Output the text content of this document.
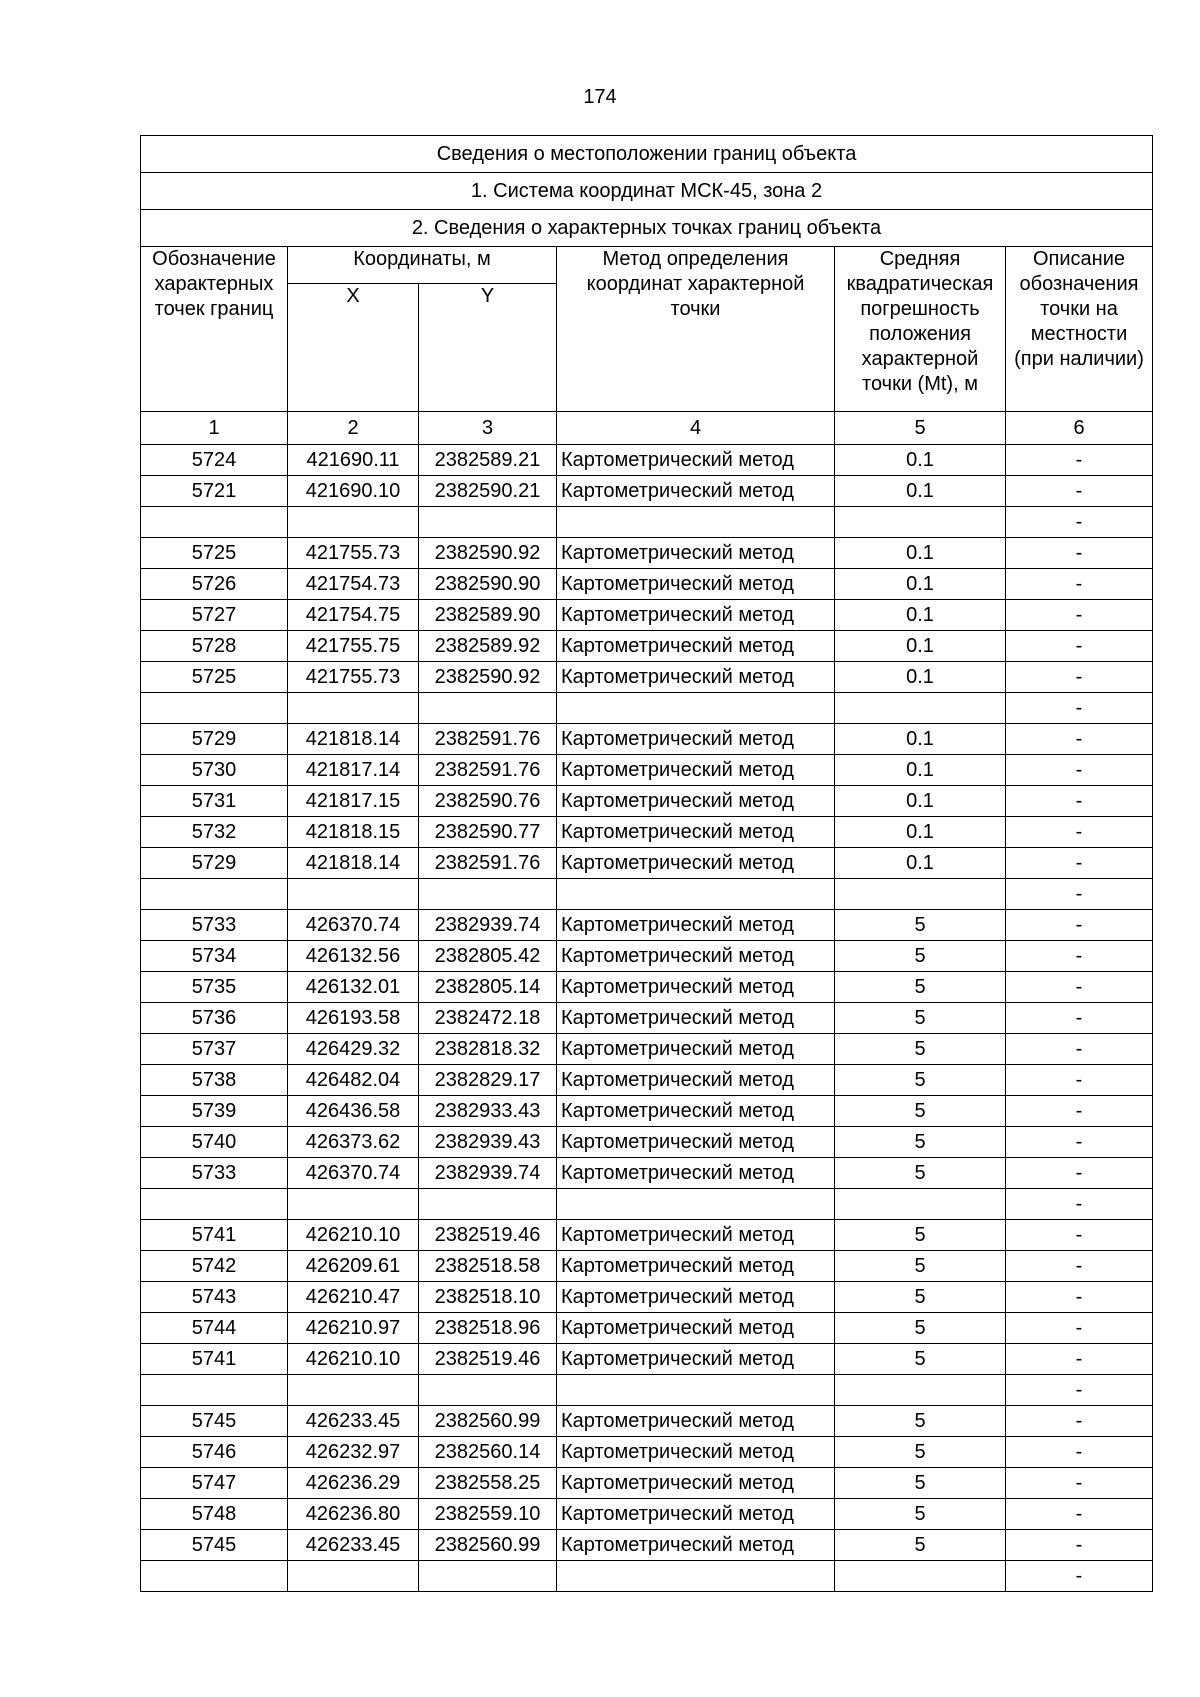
174
Сведения о местоположении границ объекта					
1. Система координат МСК-45, зона 2					
2. Сведения о характерных точках границ объекта					
Обозначение характерных точек границ	Координаты, м		Метод определения координат характерной точки	Средняя квадратическая погрешность положения характерной точки (Mt), м	Описание обозначения точки на местности (при наличии)
	X	Y			
1	2	3	4	5	6
5724	421690.11	2382589.21	Картометрический метод	0.1	-
5721	421690.10	2382590.21	Картометрический метод	0.1	-
					-
5725	421755.73	2382590.92	Картометрический метод	0.1	-
5726	421754.73	2382590.90	Картометрический метод	0.1	-
5727	421754.75	2382589.90	Картометрический метод	0.1	-
5728	421755.75	2382589.92	Картометрический метод	0.1	-
5725	421755.73	2382590.92	Картометрический метод	0.1	-
					-
5729	421818.14	2382591.76	Картометрический метод	0.1	-
5730	421817.14	2382591.76	Картометрический метод	0.1	-
5731	421817.15	2382590.76	Картометрический метод	0.1	-
5732	421818.15	2382590.77	Картометрический метод	0.1	-
5729	421818.14	2382591.76	Картометрический метод	0.1	-
					-
5733	426370.74	2382939.74	Картометрический метод	5	-
5734	426132.56	2382805.42	Картометрический метод	5	-
5735	426132.01	2382805.14	Картометрический метод	5	-
5736	426193.58	2382472.18	Картометрический метод	5	-
5737	426429.32	2382818.32	Картометрический метод	5	-
5738	426482.04	2382829.17	Картометрический метод	5	-
5739	426436.58	2382933.43	Картометрический метод	5	-
5740	426373.62	2382939.43	Картометрический метод	5	-
5733	426370.74	2382939.74	Картометрический метод	5	-
					-
5741	426210.10	2382519.46	Картометрический метод	5	-
5742	426209.61	2382518.58	Картометрический метод	5	-
5743	426210.47	2382518.10	Картометрический метод	5	-
5744	426210.97	2382518.96	Картометрический метод	5	-
5741	426210.10	2382519.46	Картометрический метод	5	-
					-
5745	426233.45	2382560.99	Картометрический метод	5	-
5746	426232.97	2382560.14	Картометрический метод	5	-
5747	426236.29	2382558.25	Картометрический метод	5	-
5748	426236.80	2382559.10	Картометрический метод	5	-
5745	426233.45	2382560.99	Картометрический метод	5	-
					-
